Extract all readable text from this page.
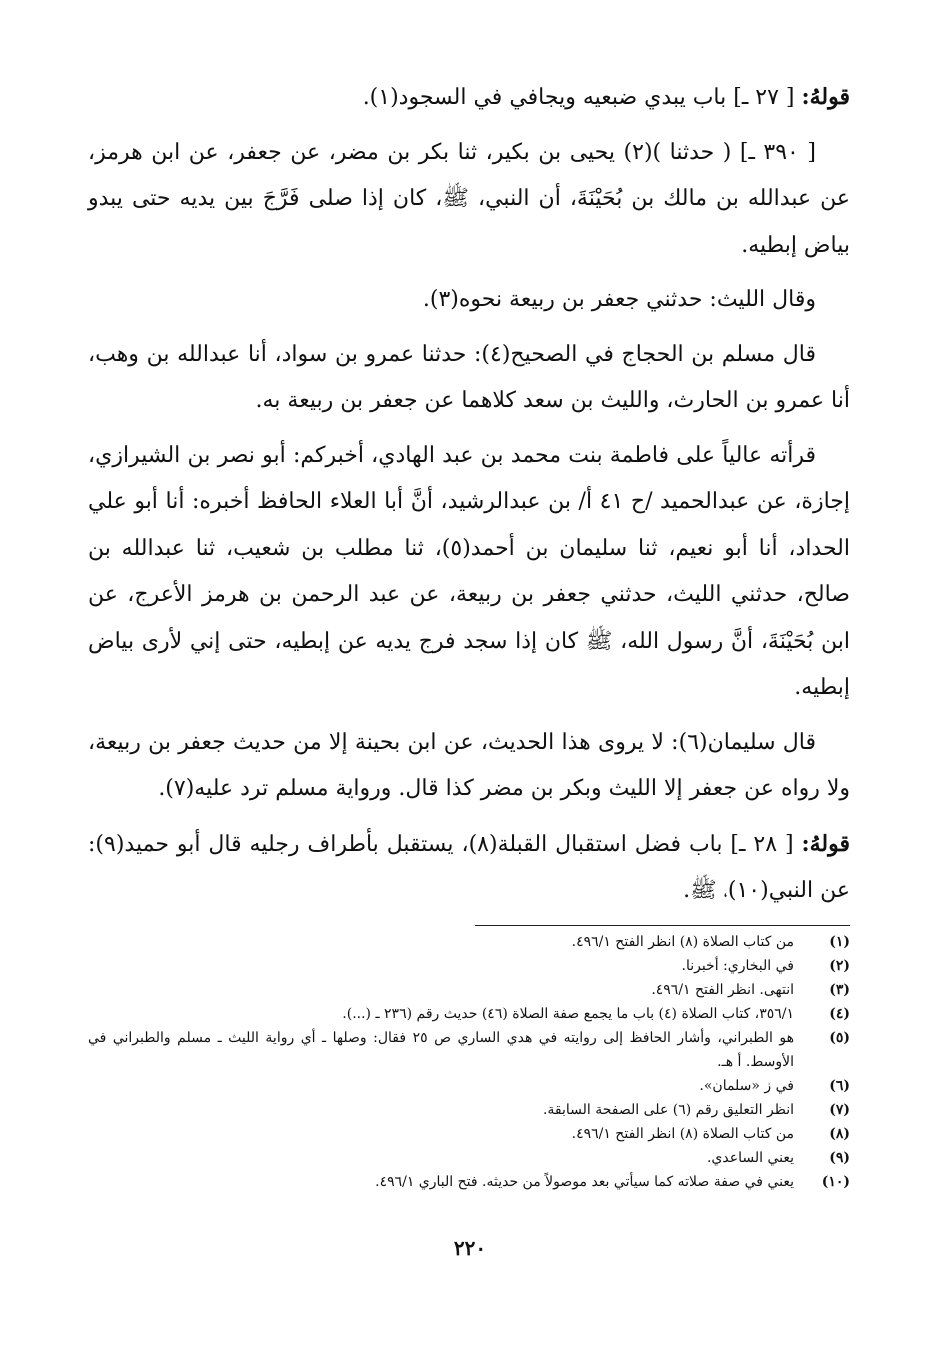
قولهُ: [ ٢٧ ـ] باب يبدي ضبعيه ويجافي في السجود(١).

[ ٣٩٠ ـ] ( حدثنا )(٢) يحيى بن بكير، ثنا بكر بن مضر، عن جعفر، عن ابن هرمز، عن عبدالله بن مالك بن بُحَيْنَةَ، أن النبي، ﷺ، كان إذا صلى فَرَّجَ بين يديه حتى يبدو بياض إبطيه.

وقال الليث: حدثني جعفر بن ربيعة نحوه(٣).

قال مسلم بن الحجاج في الصحيح(٤): حدثنا عمرو بن سواد، أنا عبدالله بن وهب، أنا عمرو بن الحارث، والليث بن سعد كلاهما عن جعفر بن ربيعة به.

قرأته عالياً على فاطمة بنت محمد بن عبد الهادي، أخبركم: أبو نصر بن الشيرازي، إجازة، عن عبدالحميد /ح ٤١ أ/ بن عبدالرشيد، أنَّ أبا العلاء الحافظ أخبره: أنا أبو علي الحداد، أنا أبو نعيم، ثنا سليمان بن أحمد(٥)، ثنا مطلب بن شعيب، ثنا عبدالله بن صالح، حدثني الليث، حدثني جعفر بن ربيعة، عن عبد الرحمن بن هرمز الأعرج، عن ابن بُحَيْنَةَ، أنَّ رسول الله، ﷺ كان إذا سجد فرج يديه عن إبطيه، حتى إني لأرى بياض إبطيه.

قال سليمان(٦): لا يروى هذا الحديث، عن ابن بحينة إلا من حديث جعفر بن ربيعة، ولا رواه عن جعفر إلا الليث وبكر بن مضر كذا قال. ورواية مسلم ترد عليه(٧).

قولهُ: [ ٢٨ ـ] باب فضل استقبال القبلة(٨)، يستقبل بأطراف رجليه قال أبو حميد(٩): عن النبي(١٠)، ﷺ.

(١)
من كتاب الصلاة (٨) انظر الفتح ٤٩٦/١.
(٢)
في البخاري: أخبرنا.
(٣)
انتهى. انظر الفتح ٤٩٦/١.
(٤)
٣٥٦/١، كتاب الصلاة (٤) باب ما يجمع صفة الصلاة (٤٦) حديث رقم (٢٣٦ ـ (...).
(٥)
هو الطبراني، وأشار الحافظ إلى روايته في هدي الساري ص ٢٥ فقال: وصلها ـ أي رواية الليث ـ مسلم والطبراني في الأوسط. أ هـ.
(٦)
في ز «سلمان».
(٧)
انظر التعليق رقم (٦) على الصفحة السابقة.
(٨)
من كتاب الصلاة (٨) انظر الفتح ٤٩٦/١.
(٩)
يعني الساعدي.
(١٠)
يعني في صفة صلاته كما سيأتي بعد موصولاً من حديثه. فتح الباري ٤٩٦/١.
٢٢٠
